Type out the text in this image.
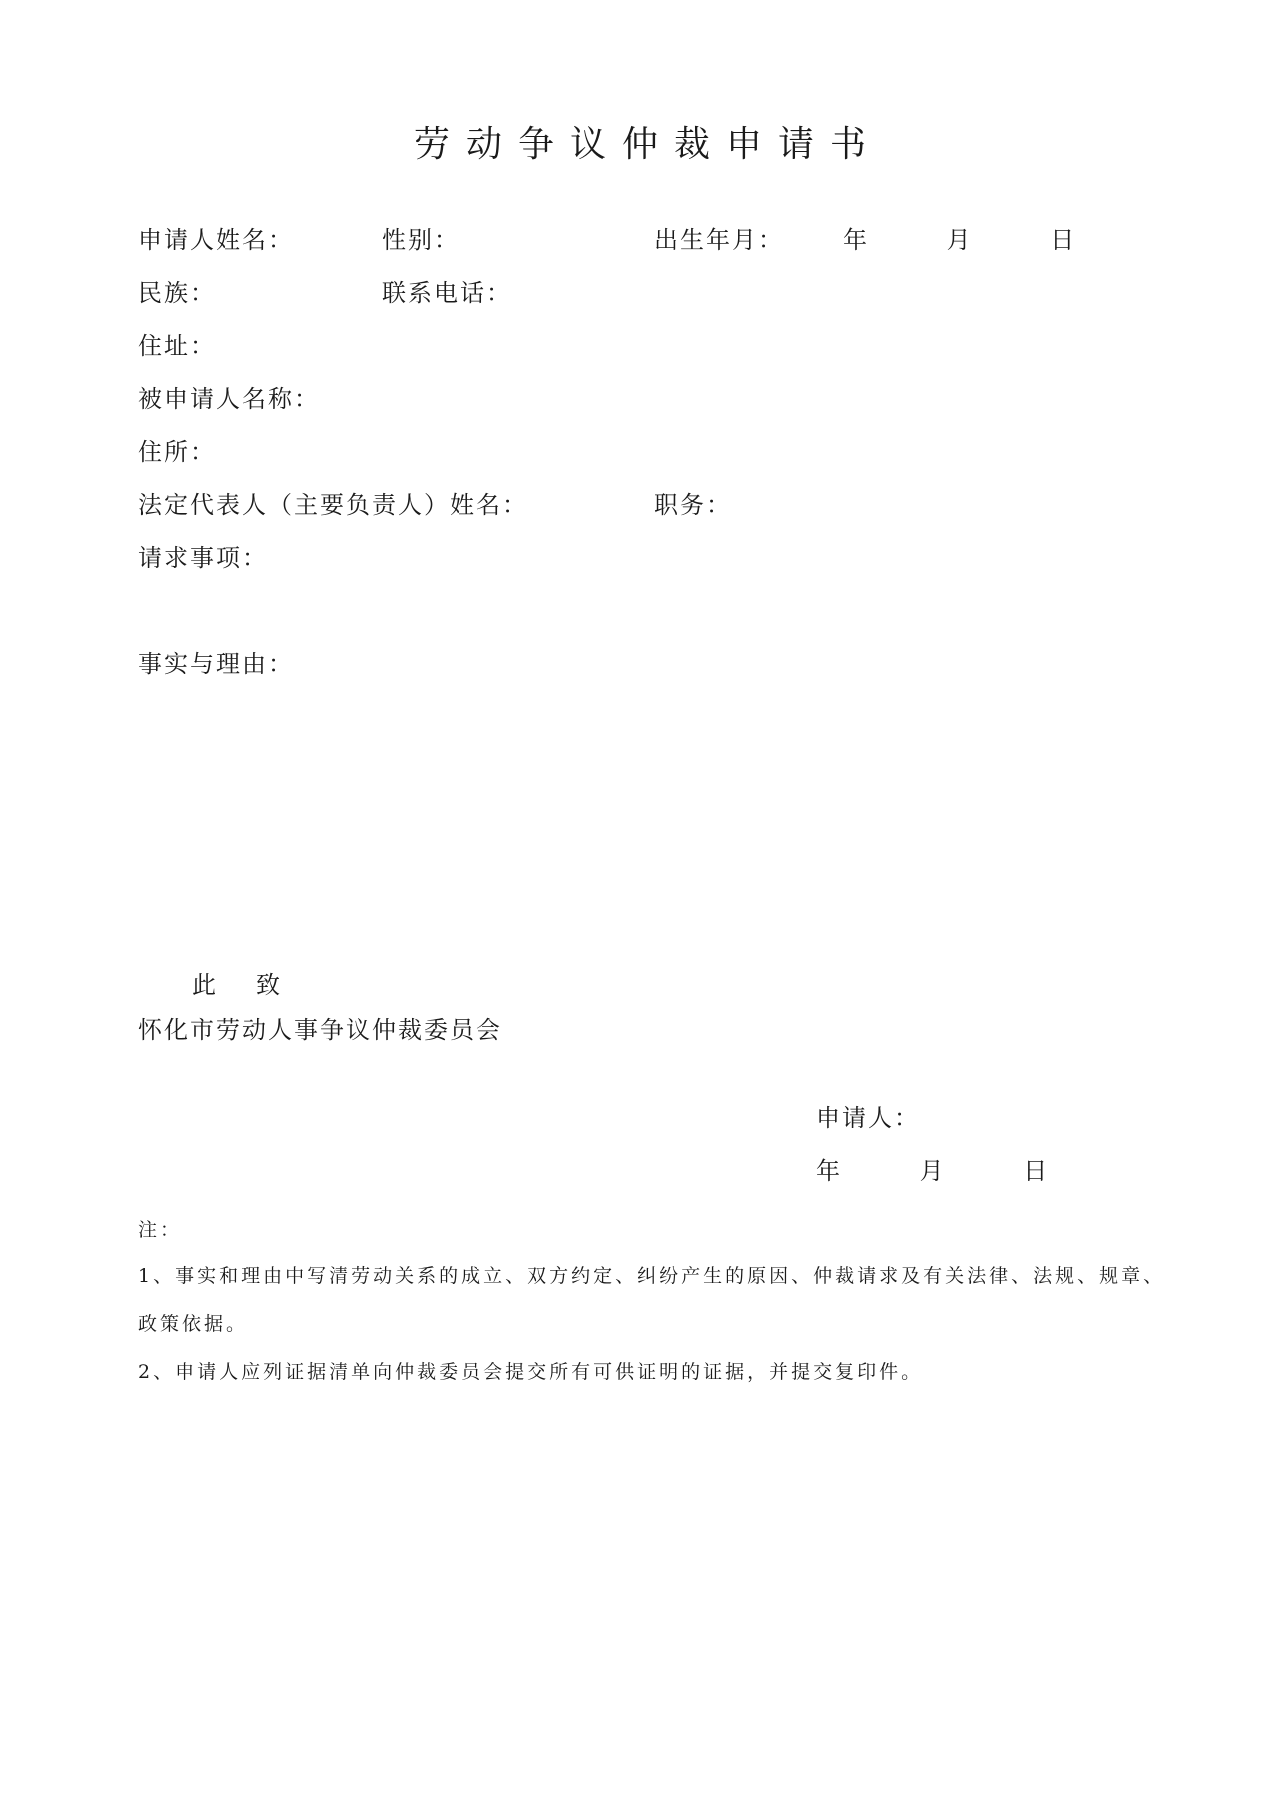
劳动争议仲裁申请书
申请人姓名：	性别：	出生年月： 年 月 日
民族：	联系电话：
住址：
被申请人名称：
住所：
法定代表人（主要负责人）姓名：	职务：
请求事项：
事实与理由：
此致
怀化市劳动人事争议仲裁委员会
申请人：
年 月 日
注：
1、事实和理由中写清劳动关系的成立、双方约定、纠纷产生的原因、仲裁请求及有关法律、法规、规章、
政策依据。
2、申请人应列证据清单向仲裁委员会提交所有可供证明的证据，并提交复印件。
